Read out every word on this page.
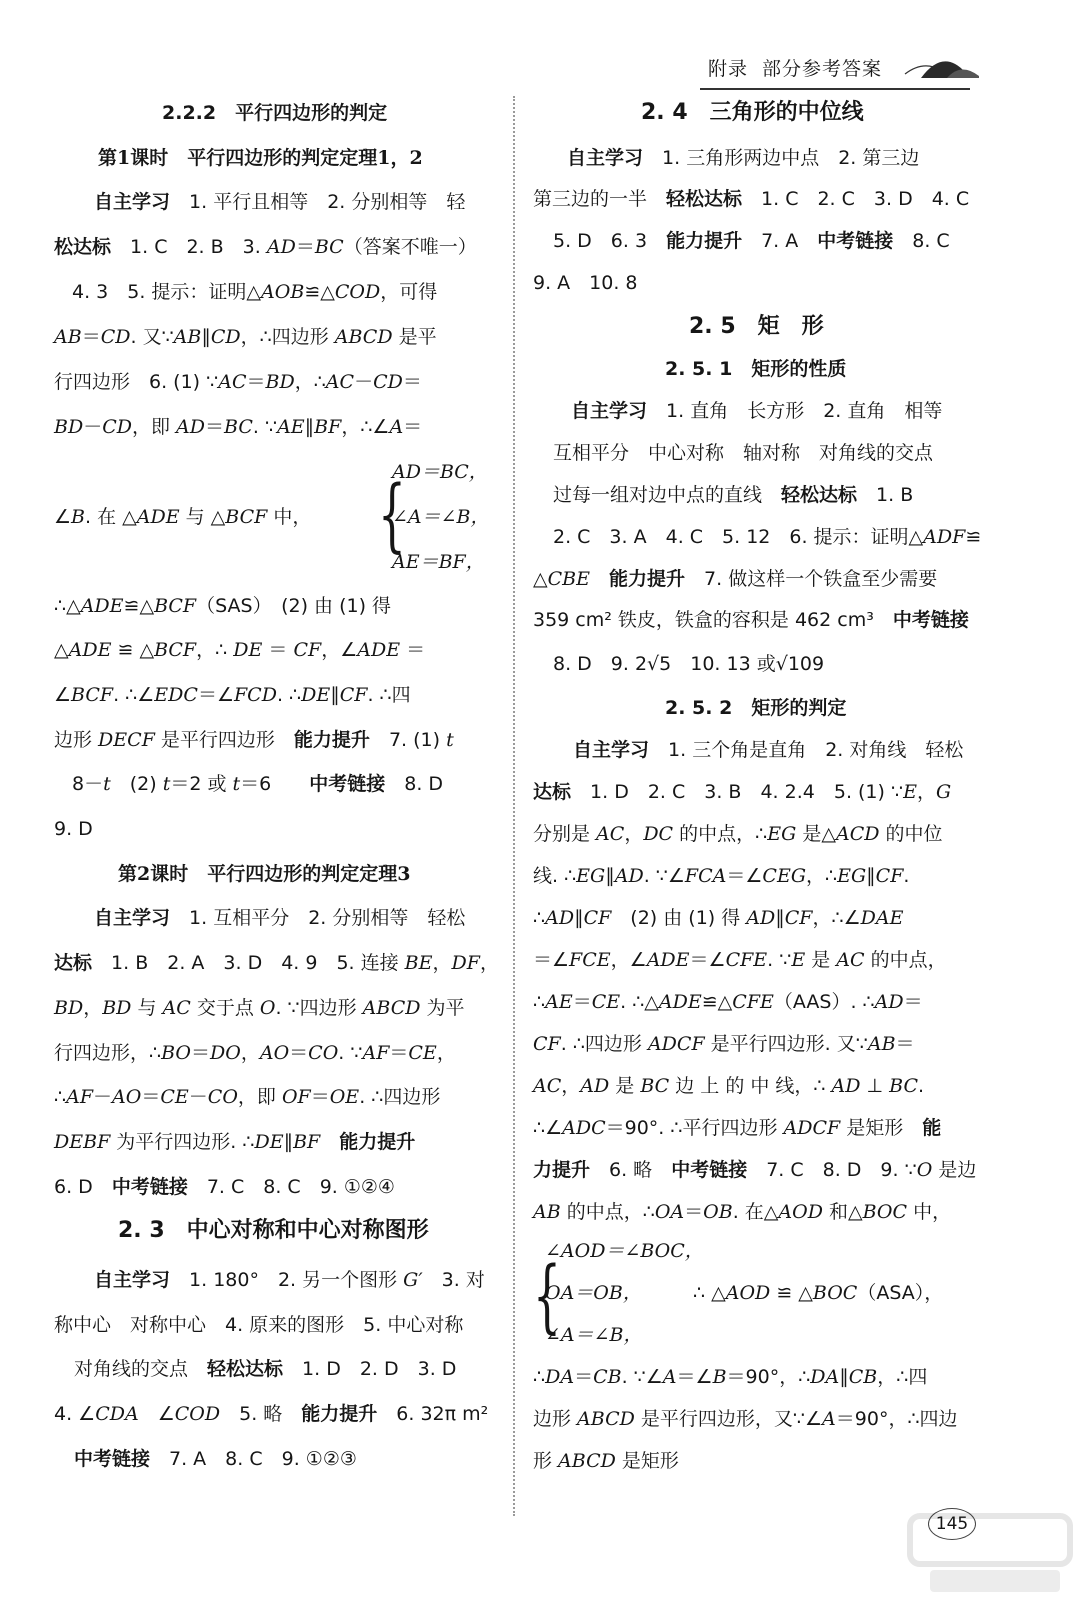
附录 部分参考答案
2.2.2　平行四边形的判定
第1课时　平行四边形的判定定理1，2
自主学习　 1. 平行且相等　2. 分别相等　轻
松达标　 1. C　2. B　3. AD＝BC（答案不唯一）
4. 3　5. 提示：证明△AOB≌△COD，可得
AB＝CD. 又∵AB∥CD，∴四边形 ABCD 是平
行四边形　6. (1) ∵AC＝BD，∴AC－CD＝
BD－CD，即 AD＝BC. ∵AE∥BF，∴∠A＝
∠B. 在 △ADE 与 △BCF 中， {
AD＝BC，
∠A＝∠B，
AE＝BF，
∴△ADE≌△BCF（SAS）　(2) 由 (1) 得
△ADE ≌ △BCF，∴ DE ＝ CF，∠ADE ＝
∠BCF. ∴∠EDC＝∠FCD. ∴DE∥CF. ∴四
边形 DECF 是平行四边形　能力提升　7. (1) t
8－t　(2) t＝2 或 t＝6　　中考链接　8. D
9. D
第2课时　平行四边形的判定定理3
自主学习　 1. 互相平分　2. 分别相等　轻松
达标　 1. B　2. A　3. D　4. 9　5. 连接 BE，DF，
BD，BD 与 AC 交于点 O. ∵四边形 ABCD 为平
行四边形，∴BO＝DO，AO＝CO. ∵AF＝CE，
∴AF－AO＝CE－CO，即 OF＝OE. ∴四边形
DEBF 为平行四边形. ∴DE∥BF　 能力提升
6. D　中考链接　7. C　8. C　9. ①②④
2. 3　中心对称和中心对称图形
自主学习　 1. 180°　2. 另一个图形 G′　3. 对
称中心　对称中心　4. 原来的图形　5. 中心对称
对角线的交点　轻松达标　1. D　2. D　3. D
4. ∠CDA　∠COD　5. 略　能力提升　6. 32π m²
中考链接　7. A　8. C　9. ①②③
2. 4　三角形的中位线
自主学习　 1. 三角形两边中点　2. 第三边
第三边的一半　轻松达标　1. C　2. C　3. D　4. C
5. D　6. 3　能力提升　7. A　中考链接　8. C
9. A　10. 8
2. 5　矩　形
2. 5. 1　矩形的性质
自主学习　 1. 直角　长方形　2. 直角　相等
互相平分　中心对称　轴对称　对角线的交点
过每一组对边中点的直线　轻松达标　1. B
2. C　3. A　4. C　5. 12　6. 提示：证明△ADF≌
△CBE　 能力提升　7. 做这样一个铁盒至少需要
359 cm² 铁皮，铁盒的容积是 462 cm³　中考链接
8. D　9. 2√5　10. 13 或√109
2. 5. 2　矩形的判定
自主学习　 1. 三个角是直角　2. 对角线　轻松
达标　 1. D　2. C　3. B　4. 2.4　5. (1) ∵E，G
分别是 AC，DC 的中点，∴EG 是△ACD 的中位
线. ∴EG∥AD. ∵∠FCA＝∠CEG，∴EG∥CF.
∴AD∥CF　(2) 由 (1) 得 AD∥CF，∴∠DAE
＝∠FCE，∠ADE＝∠CFE. ∵E 是 AC 的中点，
∴AE＝CE. ∴△ADE≌△CFE（AAS）. ∴AD＝
CF. ∴四边形 ADCF 是平行四边形. 又∵AB＝
AC，AD 是 BC 边 上 的 中 线，∴ AD ⊥ BC.
∴∠ADC＝90°. ∴平行四边形 ADCF 是矩形　能
力提升　6. 略　中考链接　7. C　8. D　9. ∵O 是边
AB 的中点，∴OA＝OB. 在△AOD 和△BOC 中，
{
∠AOD＝∠BOC，
OA＝OB，
∠A＝∠B，
∴ △AOD ≌ △BOC（ASA），
∴DA＝CB. ∵∠A＝∠B＝90°，∴DA∥CB，∴四
边形 ABCD 是平行四边形，又∵∠A＝90°，∴四边
形 ABCD 是矩形
145
